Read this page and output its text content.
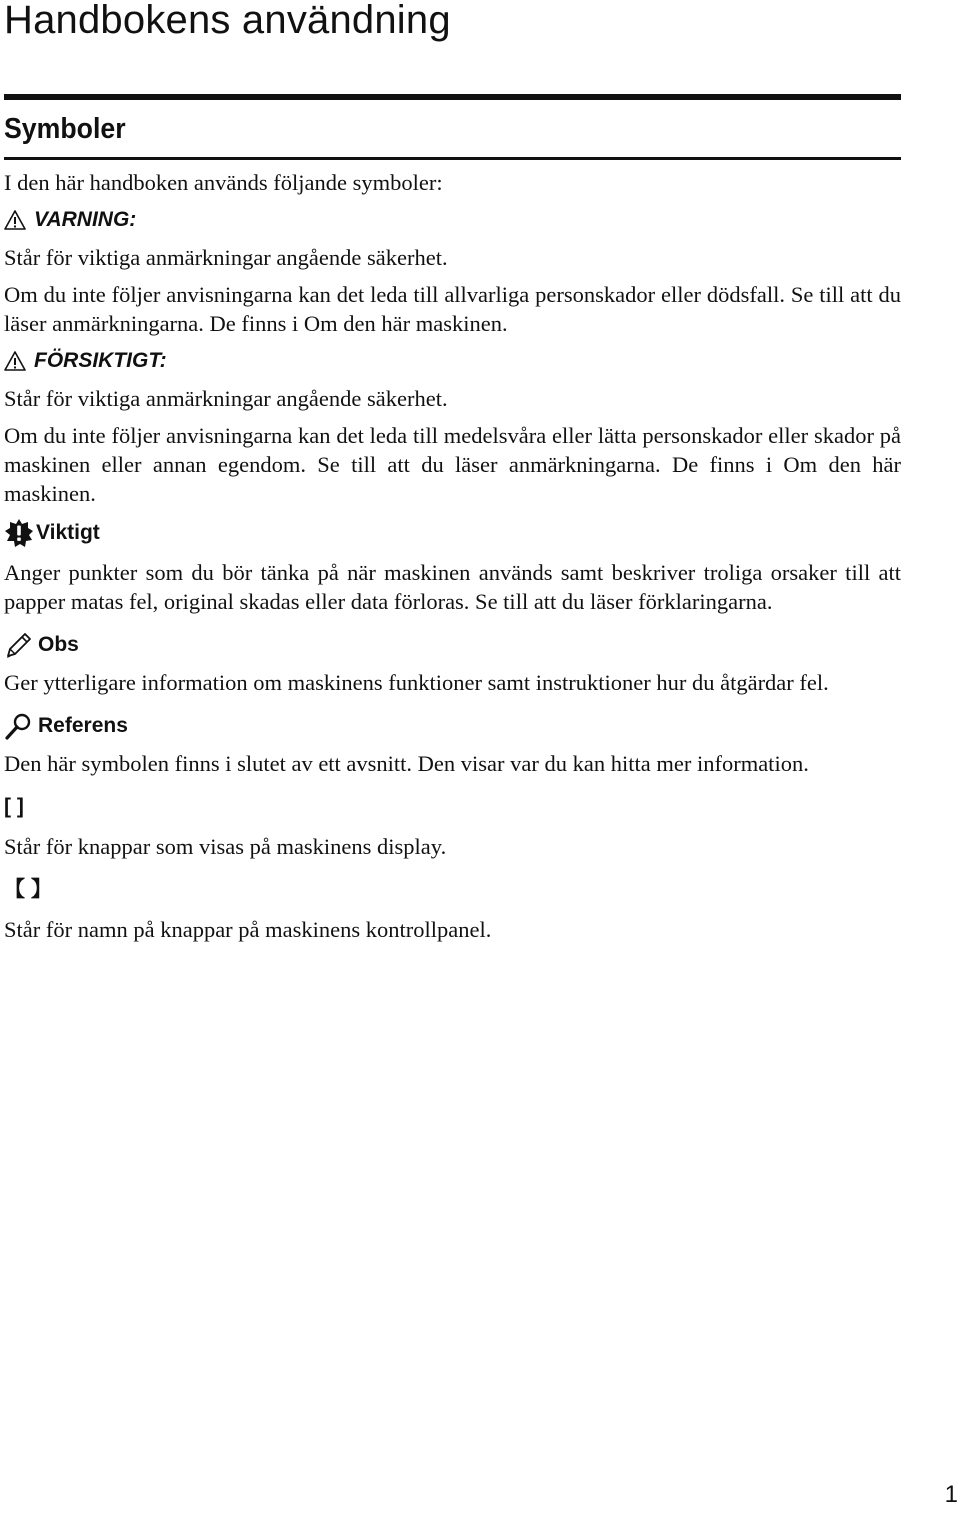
Handbokens användning
Symboler

I den här handboken används följande symboler:

VARNING:

Står för viktiga anmärkningar angående säkerhet.

Om du inte följer anvisningarna kan det leda till allvarliga personskador eller dödsfall. Se till att du läser anmärkningarna. De finns i Om den här maskinen.

FÖRSIKTIGT:

Står för viktiga anmärkningar angående säkerhet.

Om du inte följer anvisningarna kan det leda till medelsvåra eller lätta personskador eller skador på maskinen eller annan egendom. Se till att du läser anmärkningarna. De finns i Om den här maskinen.

Viktigt

Anger punkter som du bör tänka på när maskinen används samt beskriver troliga orsaker till att papper matas fel, original skadas eller data förloras. Se till att du läser förklaringarna.

Obs

Ger ytterligare information om maskinens funktioner samt instruktioner hur du åtgärdar fel.

Referens

Den här symbolen finns i slutet av ett avsnitt. Den visar var du kan hitta mer information.

[ ]

Står för knappar som visas på maskinens display.

【 】

Står för namn på knappar på maskinens kontrollpanel.

1
